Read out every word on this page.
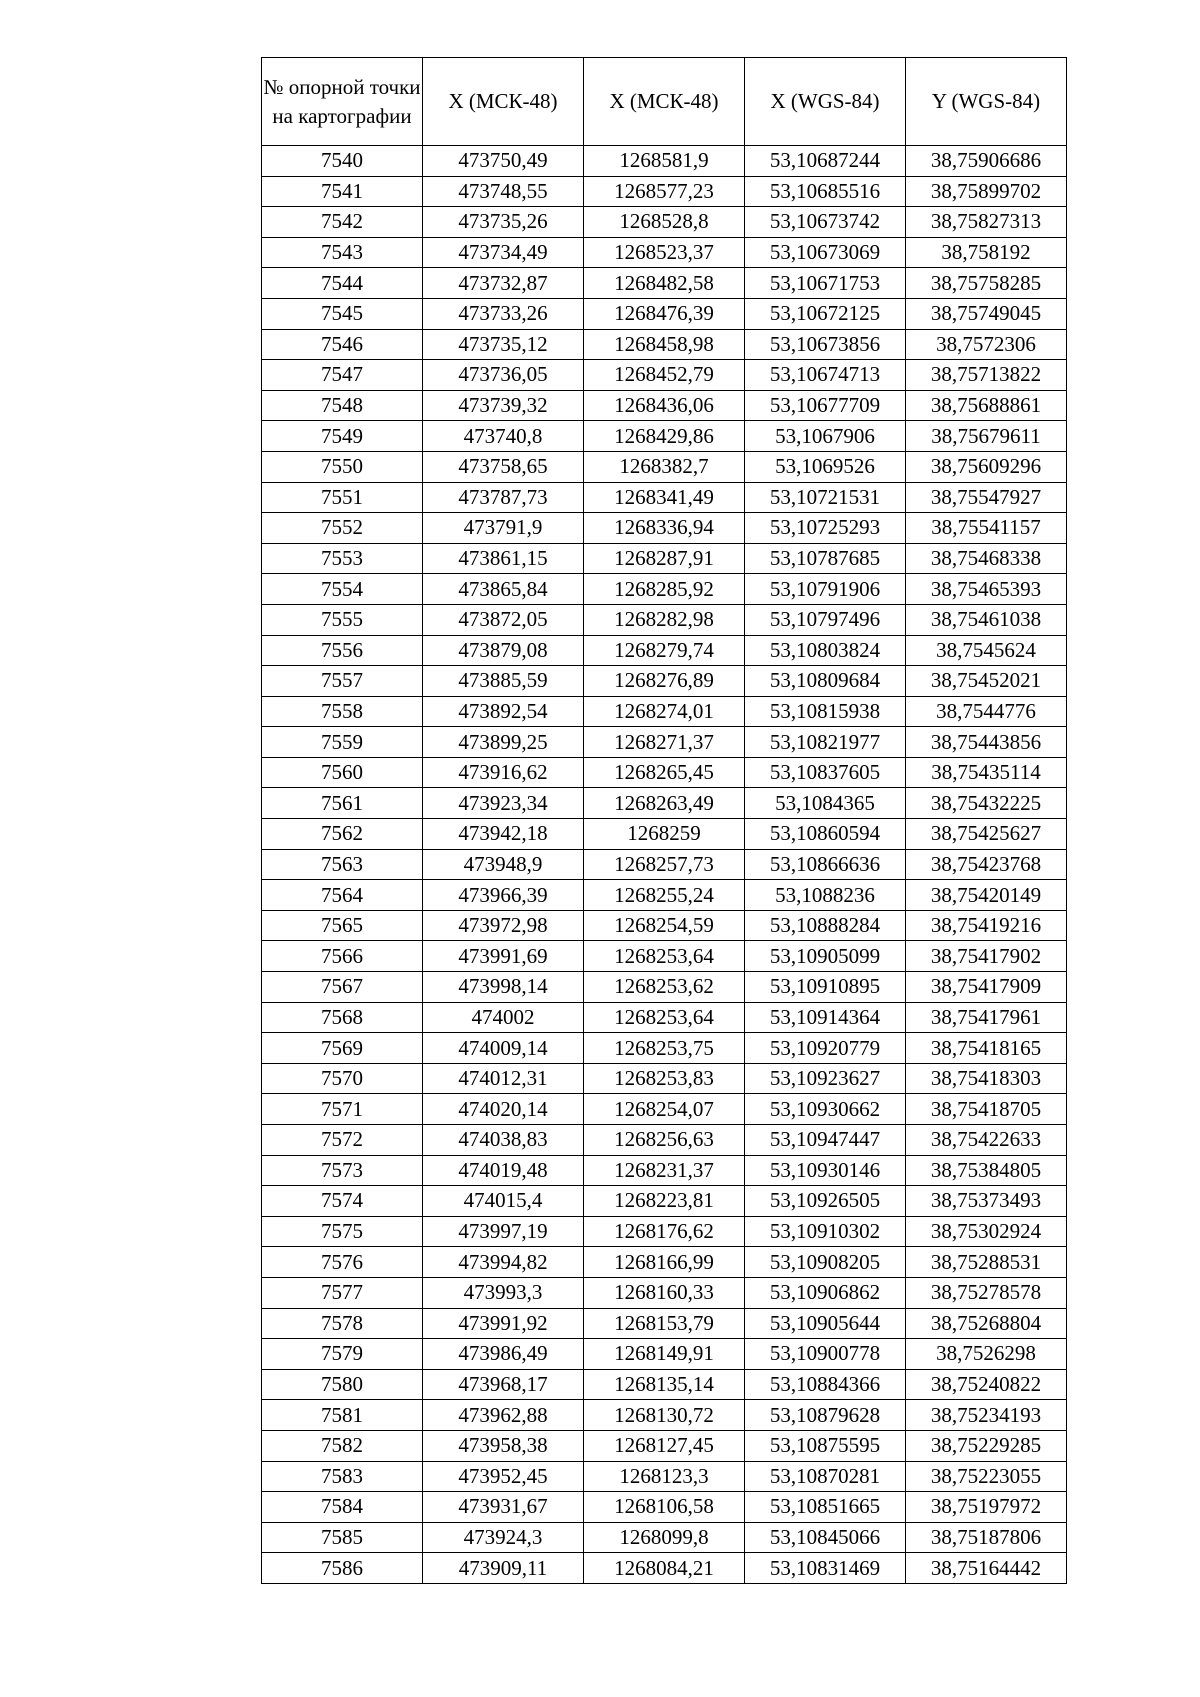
№ опорной точки на картографии	X (МСК-48)	X (МСК-48)	X (WGS-84)	Y (WGS-84)
7540	473750,49	1268581,9	53,10687244	38,75906686
7541	473748,55	1268577,23	53,10685516	38,75899702
7542	473735,26	1268528,8	53,10673742	38,75827313
7543	473734,49	1268523,37	53,10673069	38,758192
7544	473732,87	1268482,58	53,10671753	38,75758285
7545	473733,26	1268476,39	53,10672125	38,75749045
7546	473735,12	1268458,98	53,10673856	38,7572306
7547	473736,05	1268452,79	53,10674713	38,75713822
7548	473739,32	1268436,06	53,10677709	38,75688861
7549	473740,8	1268429,86	53,1067906	38,75679611
7550	473758,65	1268382,7	53,1069526	38,75609296
7551	473787,73	1268341,49	53,10721531	38,75547927
7552	473791,9	1268336,94	53,10725293	38,75541157
7553	473861,15	1268287,91	53,10787685	38,75468338
7554	473865,84	1268285,92	53,10791906	38,75465393
7555	473872,05	1268282,98	53,10797496	38,75461038
7556	473879,08	1268279,74	53,10803824	38,7545624
7557	473885,59	1268276,89	53,10809684	38,75452021
7558	473892,54	1268274,01	53,10815938	38,7544776
7559	473899,25	1268271,37	53,10821977	38,75443856
7560	473916,62	1268265,45	53,10837605	38,75435114
7561	473923,34	1268263,49	53,1084365	38,75432225
7562	473942,18	1268259	53,10860594	38,75425627
7563	473948,9	1268257,73	53,10866636	38,75423768
7564	473966,39	1268255,24	53,1088236	38,75420149
7565	473972,98	1268254,59	53,10888284	38,75419216
7566	473991,69	1268253,64	53,10905099	38,75417902
7567	473998,14	1268253,62	53,10910895	38,75417909
7568	474002	1268253,64	53,10914364	38,75417961
7569	474009,14	1268253,75	53,10920779	38,75418165
7570	474012,31	1268253,83	53,10923627	38,75418303
7571	474020,14	1268254,07	53,10930662	38,75418705
7572	474038,83	1268256,63	53,10947447	38,75422633
7573	474019,48	1268231,37	53,10930146	38,75384805
7574	474015,4	1268223,81	53,10926505	38,75373493
7575	473997,19	1268176,62	53,10910302	38,75302924
7576	473994,82	1268166,99	53,10908205	38,75288531
7577	473993,3	1268160,33	53,10906862	38,75278578
7578	473991,92	1268153,79	53,10905644	38,75268804
7579	473986,49	1268149,91	53,10900778	38,7526298
7580	473968,17	1268135,14	53,10884366	38,75240822
7581	473962,88	1268130,72	53,10879628	38,75234193
7582	473958,38	1268127,45	53,10875595	38,75229285
7583	473952,45	1268123,3	53,10870281	38,75223055
7584	473931,67	1268106,58	53,10851665	38,75197972
7585	473924,3	1268099,8	53,10845066	38,75187806
7586	473909,11	1268084,21	53,10831469	38,75164442
